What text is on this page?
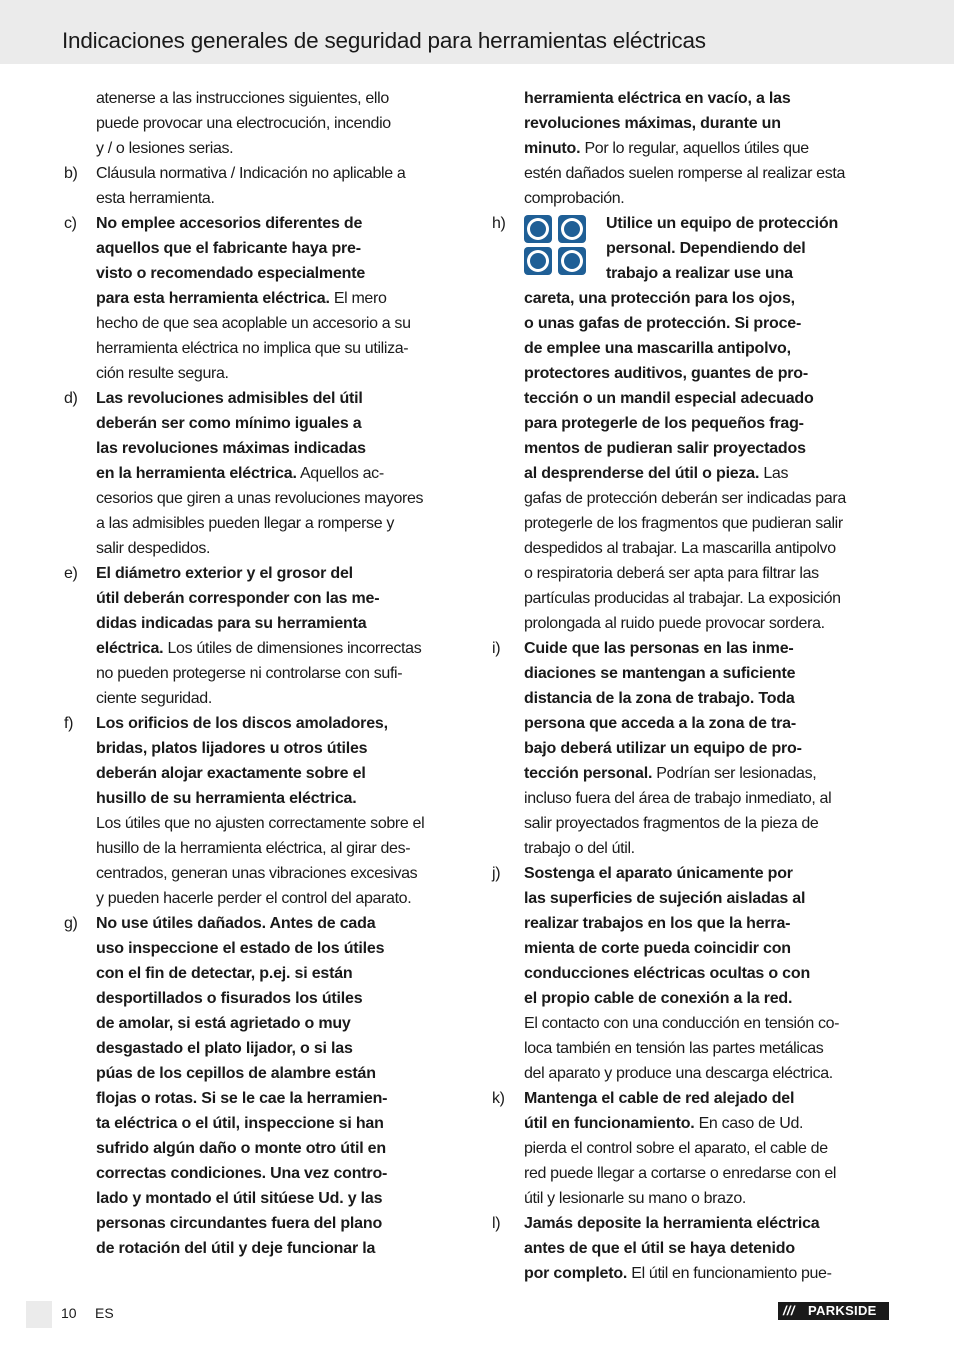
Indicaciones generales de seguridad para herramientas eléctricas
atenerse a las instrucciones siguientes, ello
puede provocar una electrocución, incendio
y / o lesiones serias.
b) Cláusula normativa / Indicación no aplicable a
esta herramienta.
c) No emplee accesorios diferentes de
aquellos que el fabricante haya pre-
visto o recomendado especialmente
para esta herramienta eléctrica. El mero
hecho de que sea acoplable un accesorio a su
herramienta eléctrica no implica que su utiliza-
ción resulte segura.
d) Las revoluciones admisibles del útil
deberán ser como mínimo iguales a
las revoluciones máximas indicadas
en la herramienta eléctrica. Aquellos ac-
cesorios que giren a unas revoluciones mayores
a las admisibles pueden llegar a romperse y
salir despedidos.
e) El diámetro exterior y el grosor del
útil deberán corresponder con las me-
didas indicadas para su herramienta
eléctrica. Los útiles de dimensiones incorrectas
no pueden protegerse ni controlarse con sufi-
ciente seguridad.
f) Los orificios de los discos amoladores,
bridas, platos lijadores u otros útiles
deberán alojar exactamente sobre el
husillo de su herramienta eléctrica.
Los útiles que no ajusten correctamente sobre el
husillo de la herramienta eléctrica, al girar des-
centrados, generan unas vibraciones excesivas
y pueden hacerle perder el control del aparato.
g) No use útiles dañados. Antes de cada
uso inspeccione el estado de los útiles
con el fin de detectar, p.ej. si están
desportillados o fisurados los útiles
de amolar, si está agrietado o muy
desgastado el plato lijador, o si las
púas de los cepillos de alambre están
flojas o rotas. Si se le cae la herramien-
ta eléctrica o el útil, inspeccione si han
sufrido algún daño o monte otro útil en
correctas condiciones. Una vez contro-
lado y montado el útil sitúese Ud. y las
personas circundantes fuera del plano
de rotación del útil y deje funcionar la
herramienta eléctrica en vacío, a las
revoluciones máximas, durante un
minuto. Por lo regular, aquellos útiles que
estén dañados suelen romperse al realizar esta
comprobación.
h)	Utilice un equipo de protección
personal. Dependiendo del
trabajo a realizar use una
careta, una protección para los ojos,
o unas gafas de protección. Si proce-
de emplee una mascarilla antipolvo,
protectores auditivos, guantes de pro-
tección o un mandil especial adecuado
para protegerle de los pequeños frag-
mentos de pudieran salir proyectados
al desprenderse del útil o pieza. Las
gafas de protección deberán ser indicadas para
protegerle de los fragmentos que pudieran salir
despedidos al trabajar. La mascarilla antipolvo
o respiratoria deberá ser apta para filtrar las
partículas producidas al trabajar. La exposición
prolongada al ruido puede provocar sordera.
i) Cuide que las personas en las inme-
diaciones se mantengan a suficiente
distancia de la zona de trabajo. Toda
persona que acceda a la zona de tra-
bajo deberá utilizar un equipo de pro-
tección personal. Podrían ser lesionadas,
incluso fuera del área de trabajo inmediato, al
salir proyectados fragmentos de la pieza de
trabajo o del útil.
j) Sostenga el aparato únicamente por
las superficies de sujeción aisladas al
realizar trabajos en los que la herra-
mienta de corte pueda coincidir con
conducciones eléctricas ocultas o con
el propio cable de conexión a la red.
El contacto con una conducción en tensión co-
loca también en tensión las partes metálicas
del aparato y produce una descarga eléctrica.
k) Mantenga el cable de red alejado del
útil en funcionamiento. En caso de Ud.
pierda el control sobre el aparato, el cable de
red puede llegar a cortarse o enredarse con el
útil y lesionarle su mano o brazo.
l) Jamás deposite la herramienta eléctrica
antes de que el útil se haya detenido
por completo. El útil en funcionamiento pue-
10 ES	/// PARKSIDE
